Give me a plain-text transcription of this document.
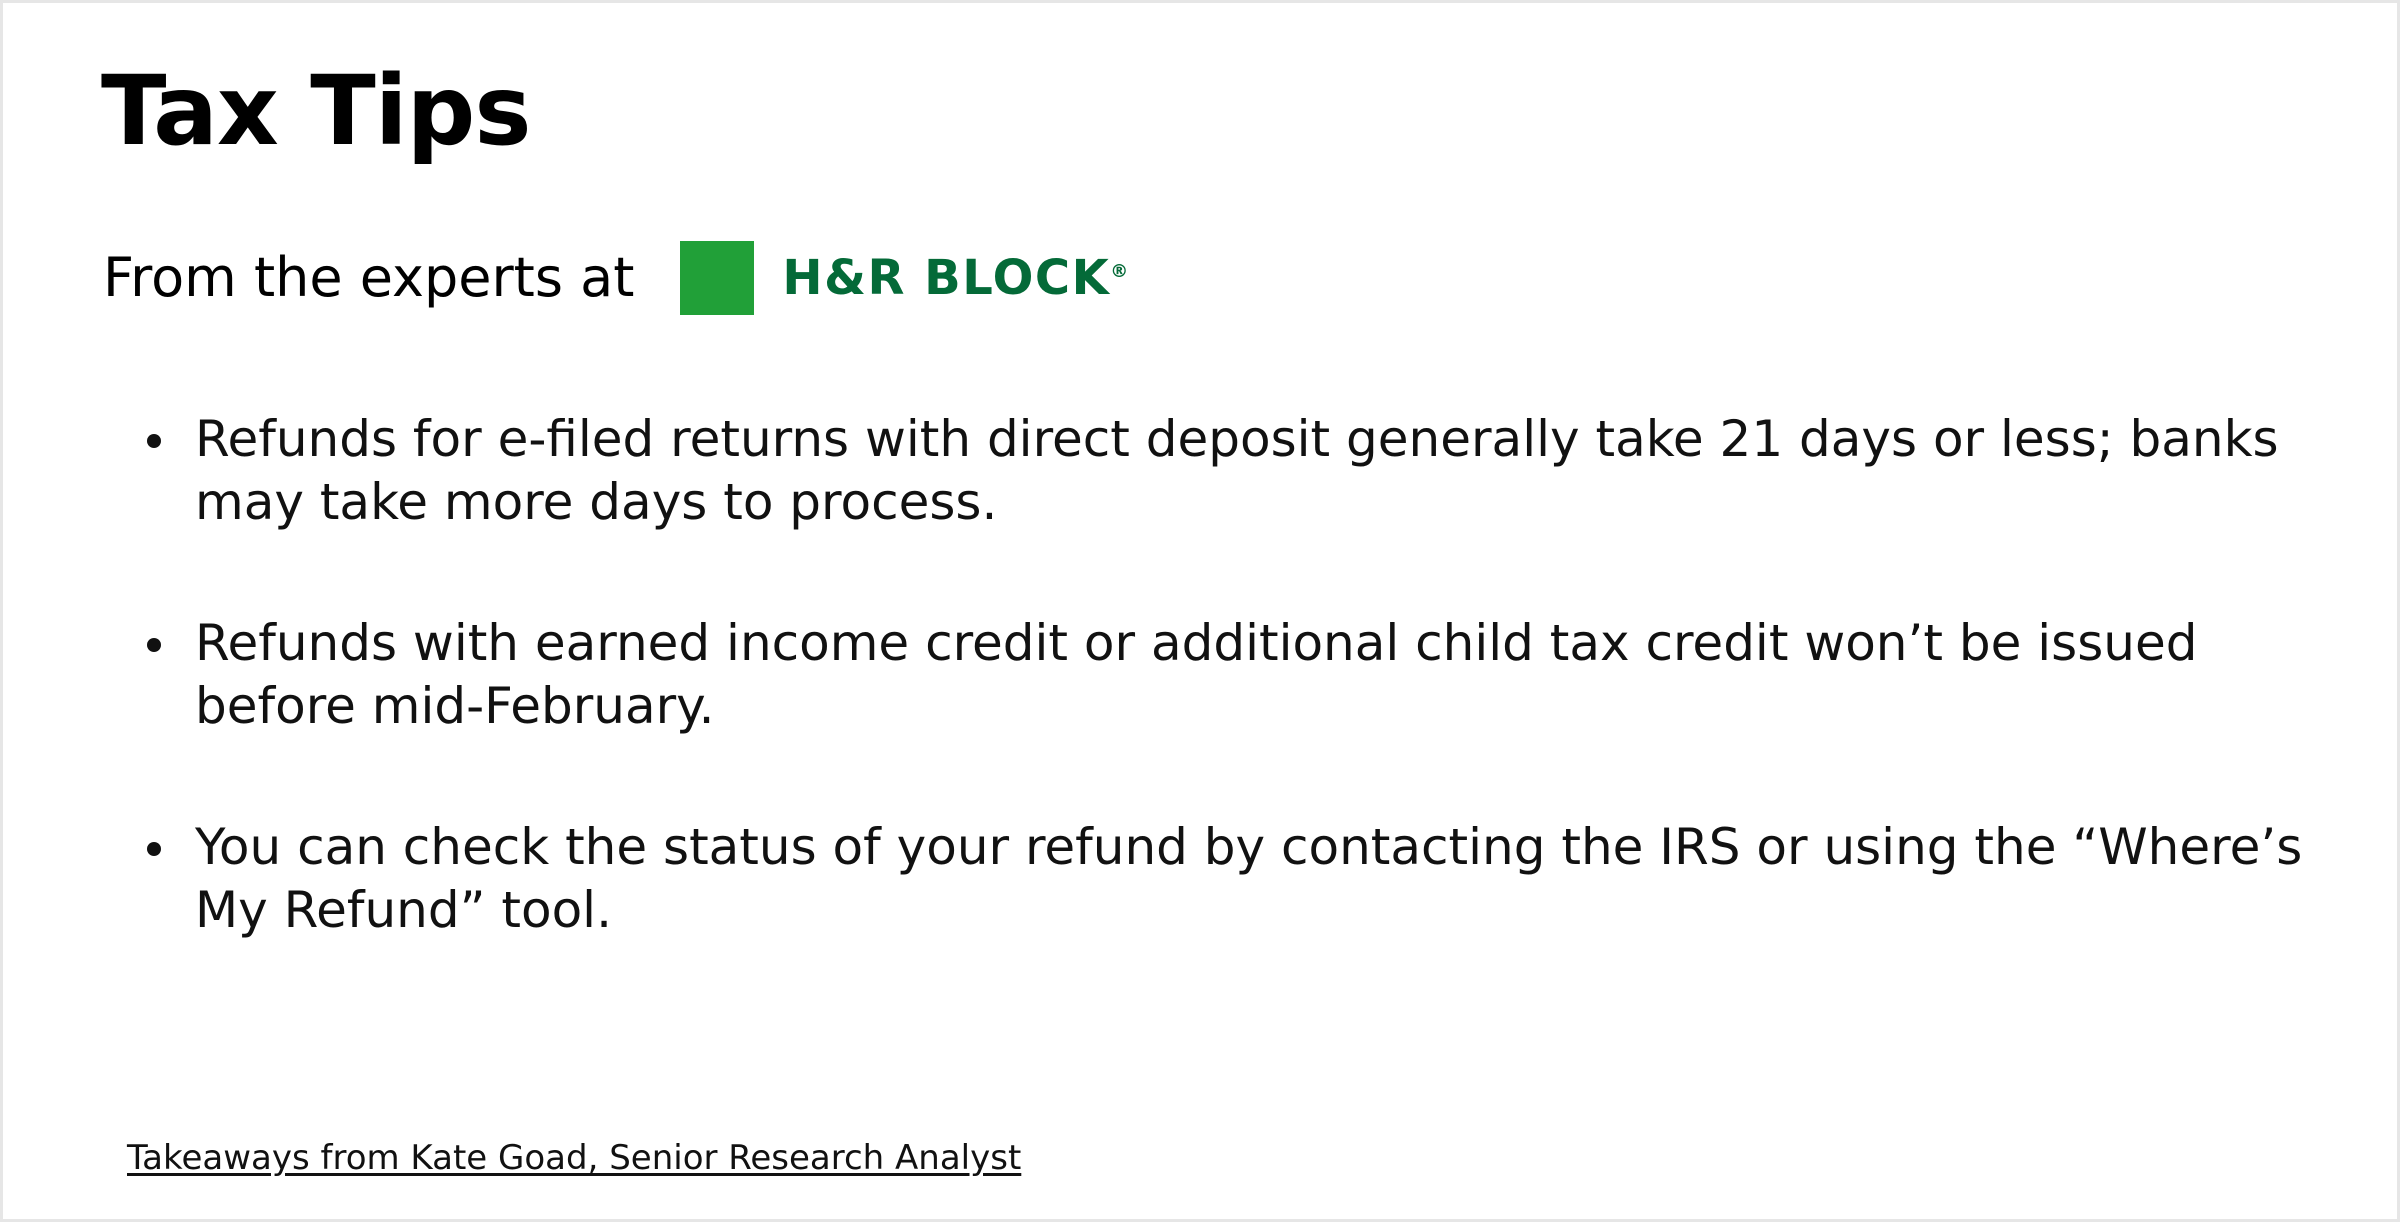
Tax Tips
From the experts at	H&R BLOCK®
Refunds for e-filed returns with direct deposit generally take 21 days or less; banks may take more days to process.
Refunds with earned income credit or additional child tax credit won’t be issued before mid-February.
You can check the status of your refund by contacting the IRS or using the “Where’s My Refund” tool.
Takeaways from Kate Goad, Senior Research Analyst
